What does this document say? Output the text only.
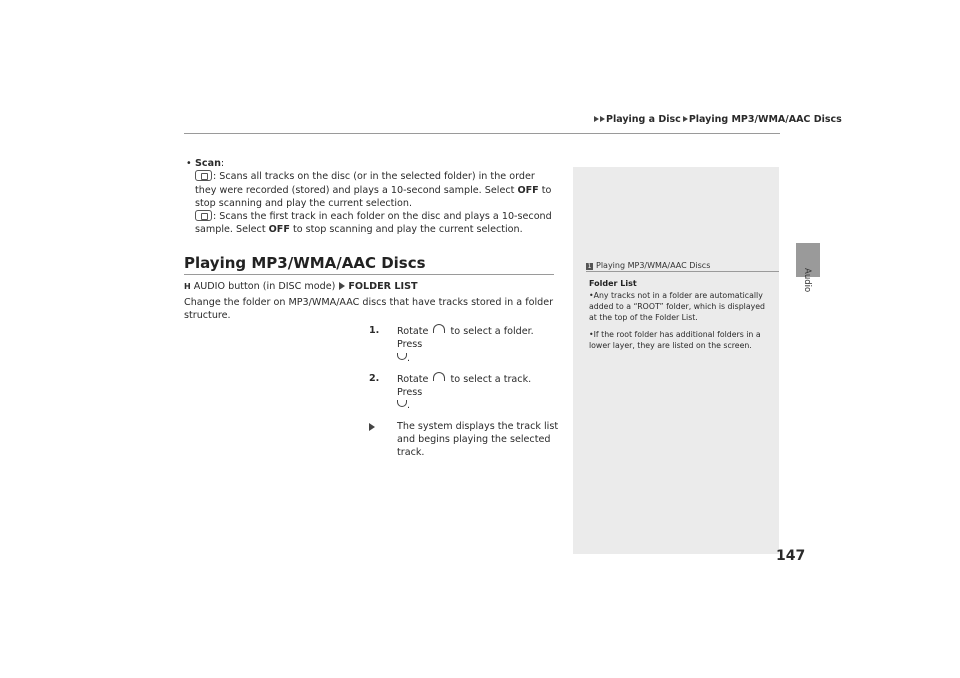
Playing a Disc Playing MP3/WMA/AAC Discs
Audio
• Scan:

: Scans all tracks on the disc (or in the selected folder) in the order they were recorded (stored) and plays a 10-second sample. Select OFF to stop scanning and play the current selection.

: Scans the first track in each folder on the disc and plays a 10-second sample. Select OFF to stop scanning and play the current selection.

Playing MP3/WMA/AAC Discs
H AUDIO button (in DISC mode) FOLDER LIST
Change the folder on MP3/WMA/AAC discs that have tracks stored in a folder structure.
1. Rotate to select a folder. Press
.
2. Rotate to select a track. Press
.
The system displays the track list and begins playing the selected track.
1 Playing MP3/WMA/AAC Discs
Folder List
•Any tracks not in a folder are automatically added to a “ROOT” folder, which is displayed at the top of the Folder List.
•If the root folder has additional folders in a lower layer, they are listed on the screen.
147
